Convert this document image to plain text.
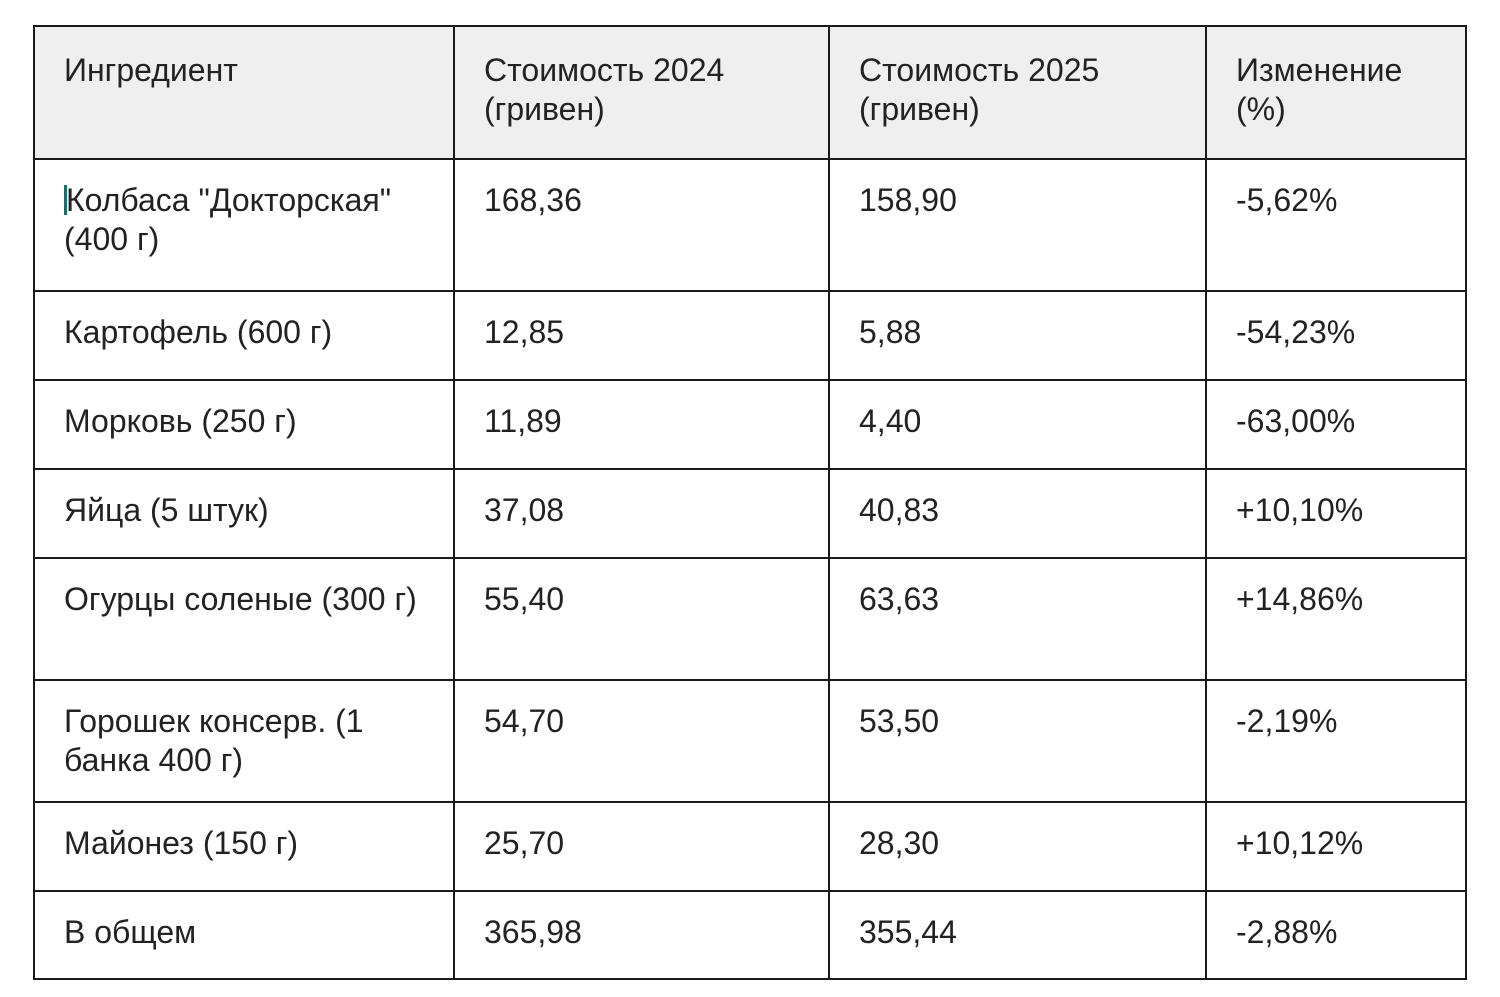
Ингредиент	Стоимость 2024 (гривен)	Стоимость 2025 (гривен)	Изменение (%)
Колбаса "Докторская" (400 г)	168,36	158,90	-5,62%
Картофель (600 г)	12,85	5,88	-54,23%
Морковь (250 г)	11,89	4,40	-63,00%
Яйца (5 штук)	37,08	40,83	+10,10%
Огурцы соленые (300 г)	55,40	63,63	+14,86%
Горошек консерв. (1 банка 400 г)	54,70	53,50	-2,19%
Майонез (150 г)	25,70	28,30	+10,12%
В общем	365,98	355,44	-2,88%
